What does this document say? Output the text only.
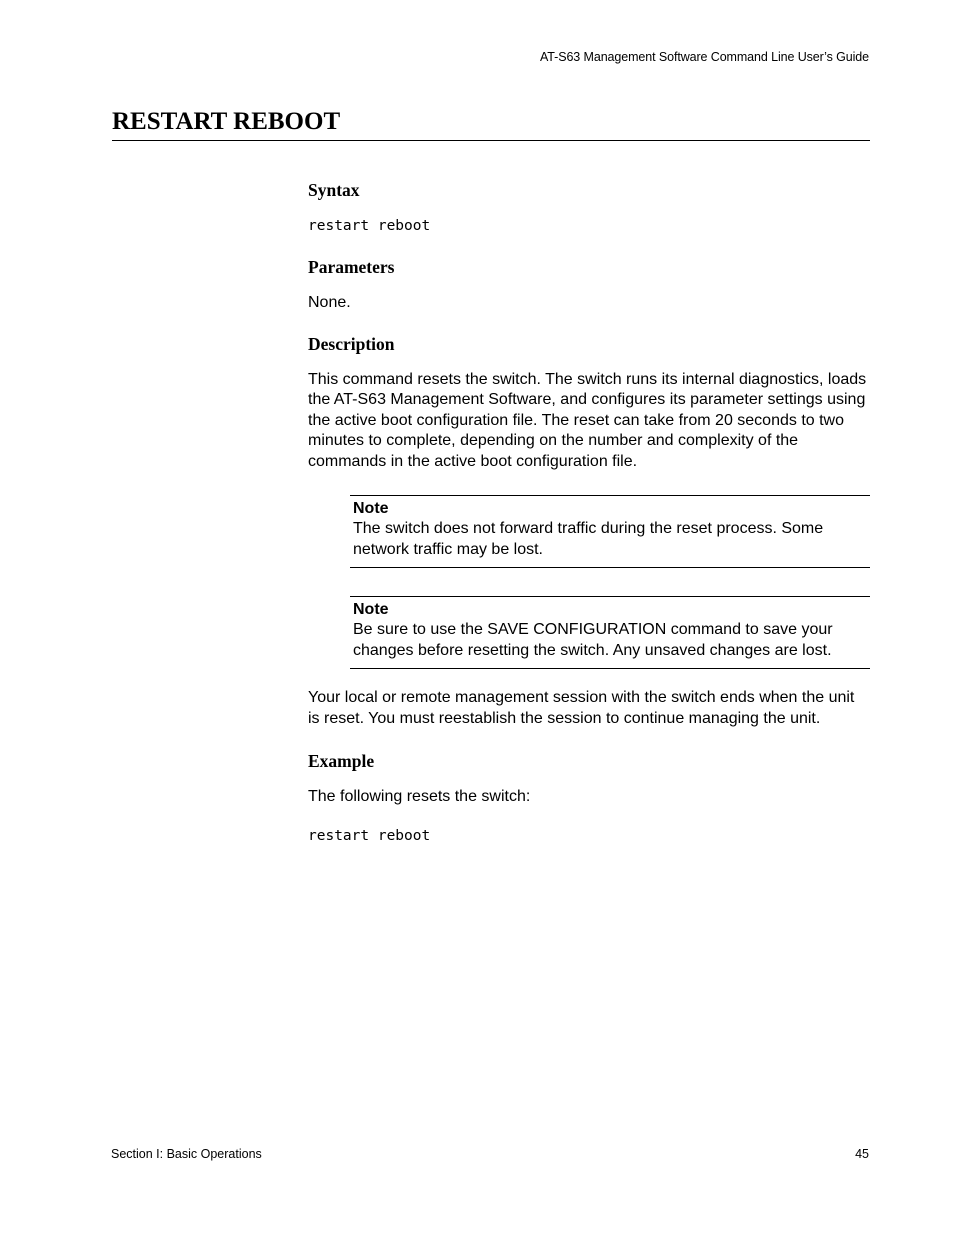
AT-S63 Management Software Command Line User’s Guide
RESTART REBOOT
Syntax

restart reboot

Parameters

None.

Description

This command resets the switch. The switch runs its internal diagnostics, loads the AT-S63 Management Software, and configures its parameter settings using the active boot configuration file. The reset can take from 20 seconds to two minutes to complete, depending on the number and complexity of the commands in the active boot configuration file.

Note
The switch does not forward traffic during the reset process. Some network traffic may be lost.
Note
Be sure to use the SAVE CONFIGURATION command to save your changes before resetting the switch. Any unsaved changes are lost.

Your local or remote management session with the switch ends when the unit is reset. You must reestablish the session to continue managing the unit.

Example

The following resets the switch:

restart reboot

Section I: Basic Operations	45
